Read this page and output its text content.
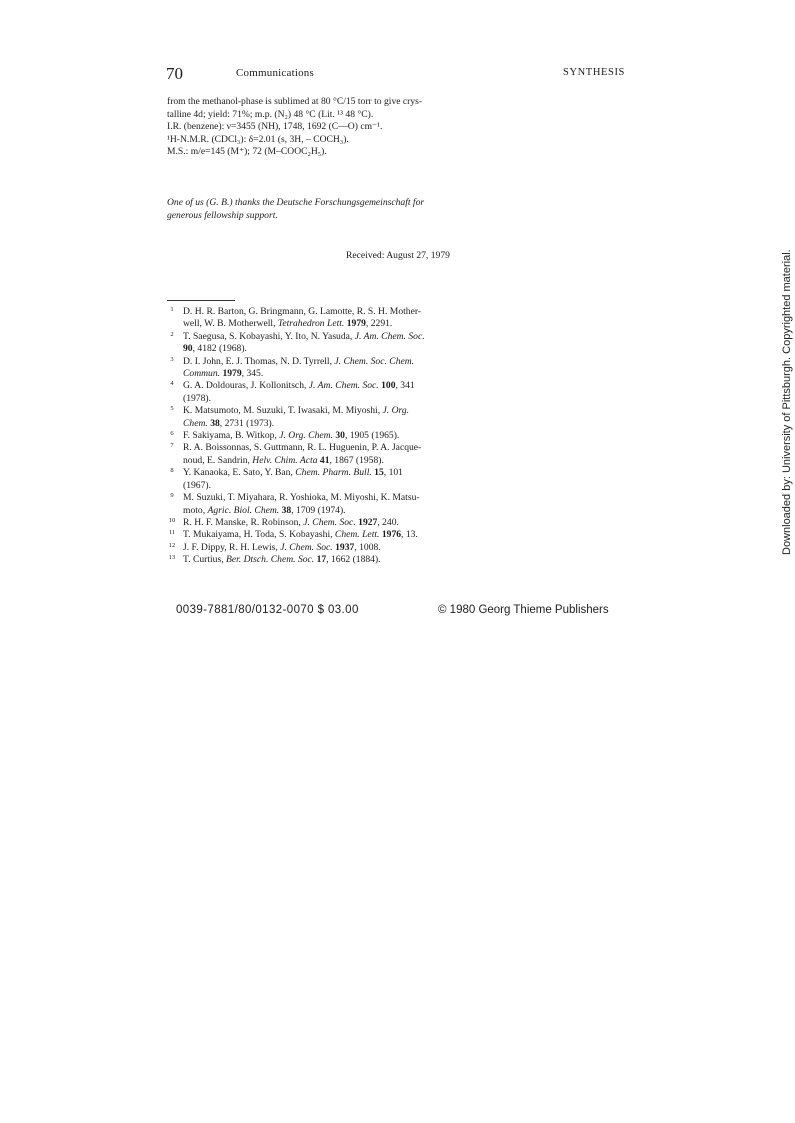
70	Communications	SYNTHESIS

from the methanol-phase is sublimed at 80 °C/15 torr to give crys-

talline 4d; yield: 71%; m.p. (N₂) 48 °C (Lit. ¹³ 48 °C).

I.R. (benzene): ν=3455 (NH), 1748, 1692 (C—O) cm⁻¹.

¹H-N.M.R. (CDCl₃): δ=2.01 (s, 3H, – COCH₃).

M.S.: m/e=145 (M⁺); 72 (M–COOC₂H₅).

One of us (G. B.) thanks the Deutsche Forschungsgemeinschaft for

generous fellowship support.

Received: August 27, 1979
1 D. H. R. Barton, G. Bringmann, G. Lamotte, R. S. H. Mother-
well, W. B. Motherwell, Tetrahedron Lett. 1979, 2291.
2 T. Saegusa, S. Kobayashi, Y. Ito, N. Yasuda, J. Am. Chem. Soc.
90, 4182 (1968).
3 D. I. John, E. J. Thomas, N. D. Tyrrell, J. Chem. Soc. Chem.
Commun. 1979, 345.
4 G. A. Doldouras, J. Kollonitsch, J. Am. Chem. Soc. 100, 341
(1978).
5 K. Matsumoto, M. Suzuki, T. Iwasaki, M. Miyoshi, J. Org.
Chem. 38, 2731 (1973).
6 F. Sakiyama, B. Witkop, J. Org. Chem. 30, 1905 (1965).
7 R. A. Boissonnas, S. Guttmann, R. L. Huguenin, P. A. Jacque-
noud, E. Sandrin, Helv. Chim. Acta 41, 1867 (1958).
8 Y. Kanaoka, E. Sato, Y. Ban, Chem. Pharm. Bull. 15, 101
(1967).
9 M. Suzuki, T. Miyahara, R. Yoshioka, M. Miyoshi, K. Matsu-
moto, Agric. Biol. Chem. 38, 1709 (1974).
10 R. H. F. Manske, R. Robinson, J. Chem. Soc. 1927, 240.
11 T. Mukaiyama, H. Toda, S. Kobayashi, Chem. Lett. 1976, 13.
12 J. F. Dippy, R. H. Lewis, J. Chem. Soc. 1937, 1008.
13 T. Curtius, Ber. Dtsch. Chem. Soc. 17, 1662 (1884).
0039-7881/80/0132-0070 $ 03.00	© 1980 Georg Thieme Publishers
Downloaded by: University of Pittsburgh. Copyrighted material.
